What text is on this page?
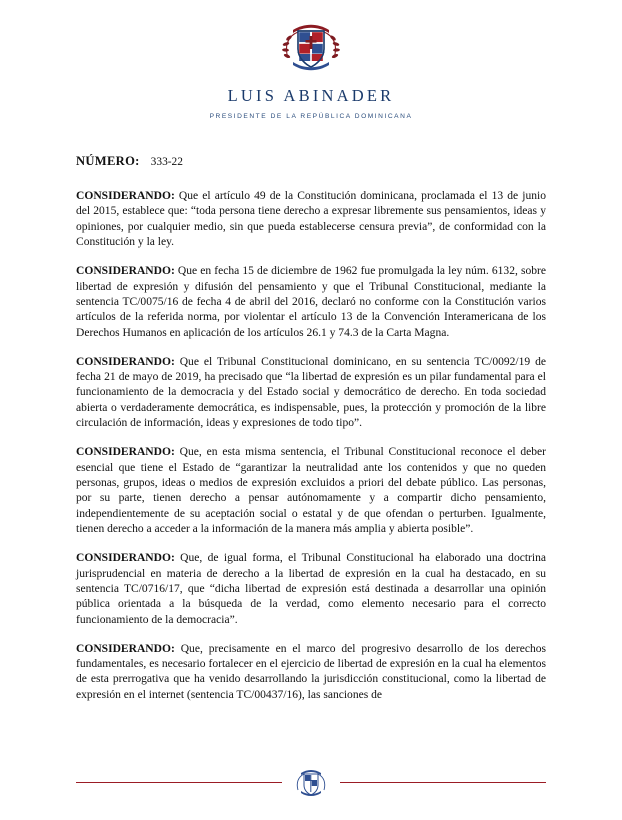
LUIS ABINADER
PRESIDENTE DE LA REPÚBLICA DOMINICANA
NÚMERO: 333-22

CONSIDERANDO: Que el artículo 49 de la Constitución dominicana, proclamada el 13 de junio del 2015, establece que: “toda persona tiene derecho a expresar libremente sus pensamientos, ideas y opiniones, por cualquier medio, sin que pueda establecerse censura previa”, de conformidad con la Constitución y la ley.

CONSIDERANDO: Que en fecha 15 de diciembre de 1962 fue promulgada la ley núm. 6132, sobre libertad de expresión y difusión del pensamiento y que el Tribunal Constitucional, mediante la sentencia TC/0075/16 de fecha 4 de abril del 2016, declaró no conforme con la Constitución varios artículos de la referida norma, por violentar el artículo 13 de la Convención Interamericana de los Derechos Humanos en aplicación de los artículos 26.1 y 74.3 de la Carta Magna.

CONSIDERANDO: Que el Tribunal Constitucional dominicano, en su sentencia TC/0092/19 de fecha 21 de mayo de 2019, ha precisado que “la libertad de expresión es un pilar fundamental para el funcionamiento de la democracia y del Estado social y democrático de derecho. En toda sociedad abierta o verdaderamente democrática, es indispensable, pues, la protección y promoción de la libre circulación de información, ideas y expresiones de todo tipo”.

CONSIDERANDO: Que, en esta misma sentencia, el Tribunal Constitucional reconoce el deber esencial que tiene el Estado de “garantizar la neutralidad ante los contenidos y que no queden personas, grupos, ideas o medios de expresión excluidos a priori del debate público. Las personas, por su parte, tienen derecho a pensar autónomamente y a compartir dicho pensamiento, independientemente de su aceptación social o estatal y de que ofendan o perturben. Igualmente, tienen derecho a acceder a la información de la manera más amplia y abierta posible”.

CONSIDERANDO: Que, de igual forma, el Tribunal Constitucional ha elaborado una doctrina jurisprudencial en materia de derecho a la libertad de expresión en la cual ha destacado, en su sentencia TC/0716/17, que “dicha libertad de expresión está destinada a desarrollar una opinión pública orientada a la búsqueda de la verdad, como elemento necesario para el correcto funcionamiento de la democracia”.

CONSIDERANDO: Que, precisamente en el marco del progresivo desarrollo de los derechos fundamentales, es necesario fortalecer en el ejercicio de libertad de expresión en la cual ha elementos de esta prerrogativa que ha venido desarrollando la jurisdicción constitucional, como la libertad de expresión en el internet (sentencia TC/00437/16), las sanciones de
